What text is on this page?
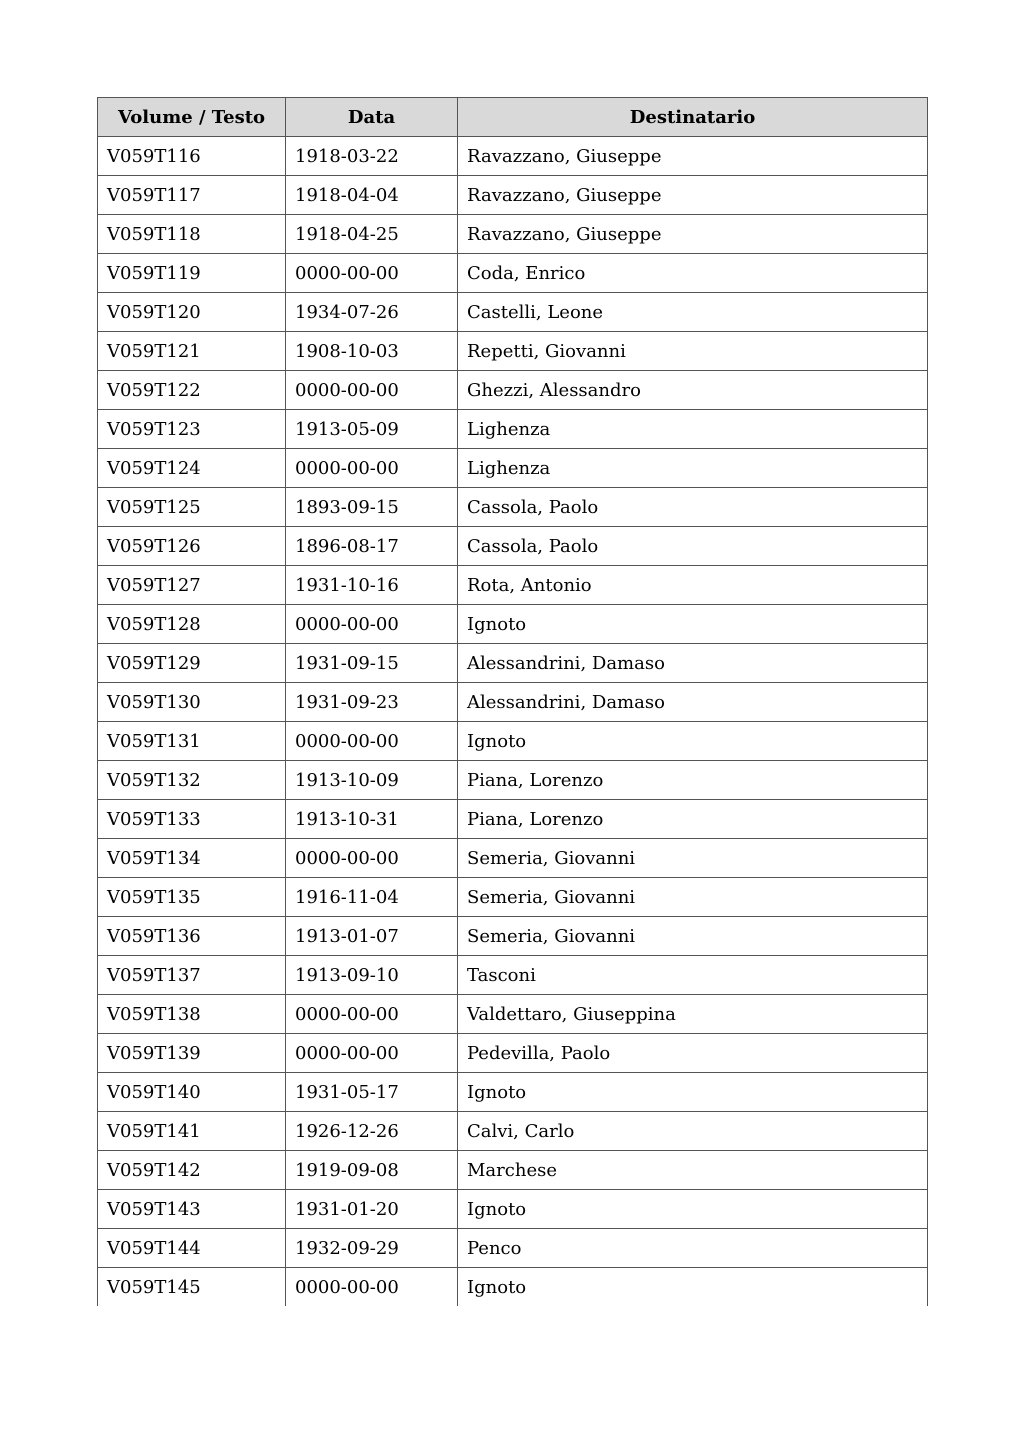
Volume / Testo	Data	Destinatario
V059T116	1918-03-22	Ravazzano, Giuseppe
V059T117	1918-04-04	Ravazzano, Giuseppe
V059T118	1918-04-25	Ravazzano, Giuseppe
V059T119	0000-00-00	Coda, Enrico
V059T120	1934-07-26	Castelli, Leone
V059T121	1908-10-03	Repetti, Giovanni
V059T122	0000-00-00	Ghezzi, Alessandro
V059T123	1913-05-09	Lighenza
V059T124	0000-00-00	Lighenza
V059T125	1893-09-15	Cassola, Paolo
V059T126	1896-08-17	Cassola, Paolo
V059T127	1931-10-16	Rota, Antonio
V059T128	0000-00-00	Ignoto
V059T129	1931-09-15	Alessandrini, Damaso
V059T130	1931-09-23	Alessandrini, Damaso
V059T131	0000-00-00	Ignoto
V059T132	1913-10-09	Piana, Lorenzo
V059T133	1913-10-31	Piana, Lorenzo
V059T134	0000-00-00	Semeria, Giovanni
V059T135	1916-11-04	Semeria, Giovanni
V059T136	1913-01-07	Semeria, Giovanni
V059T137	1913-09-10	Tasconi
V059T138	0000-00-00	Valdettaro, Giuseppina
V059T139	0000-00-00	Pedevilla, Paolo
V059T140	1931-05-17	Ignoto
V059T141	1926-12-26	Calvi, Carlo
V059T142	1919-09-08	Marchese
V059T143	1931-01-20	Ignoto
V059T144	1932-09-29	Penco
V059T145	0000-00-00	Ignoto
